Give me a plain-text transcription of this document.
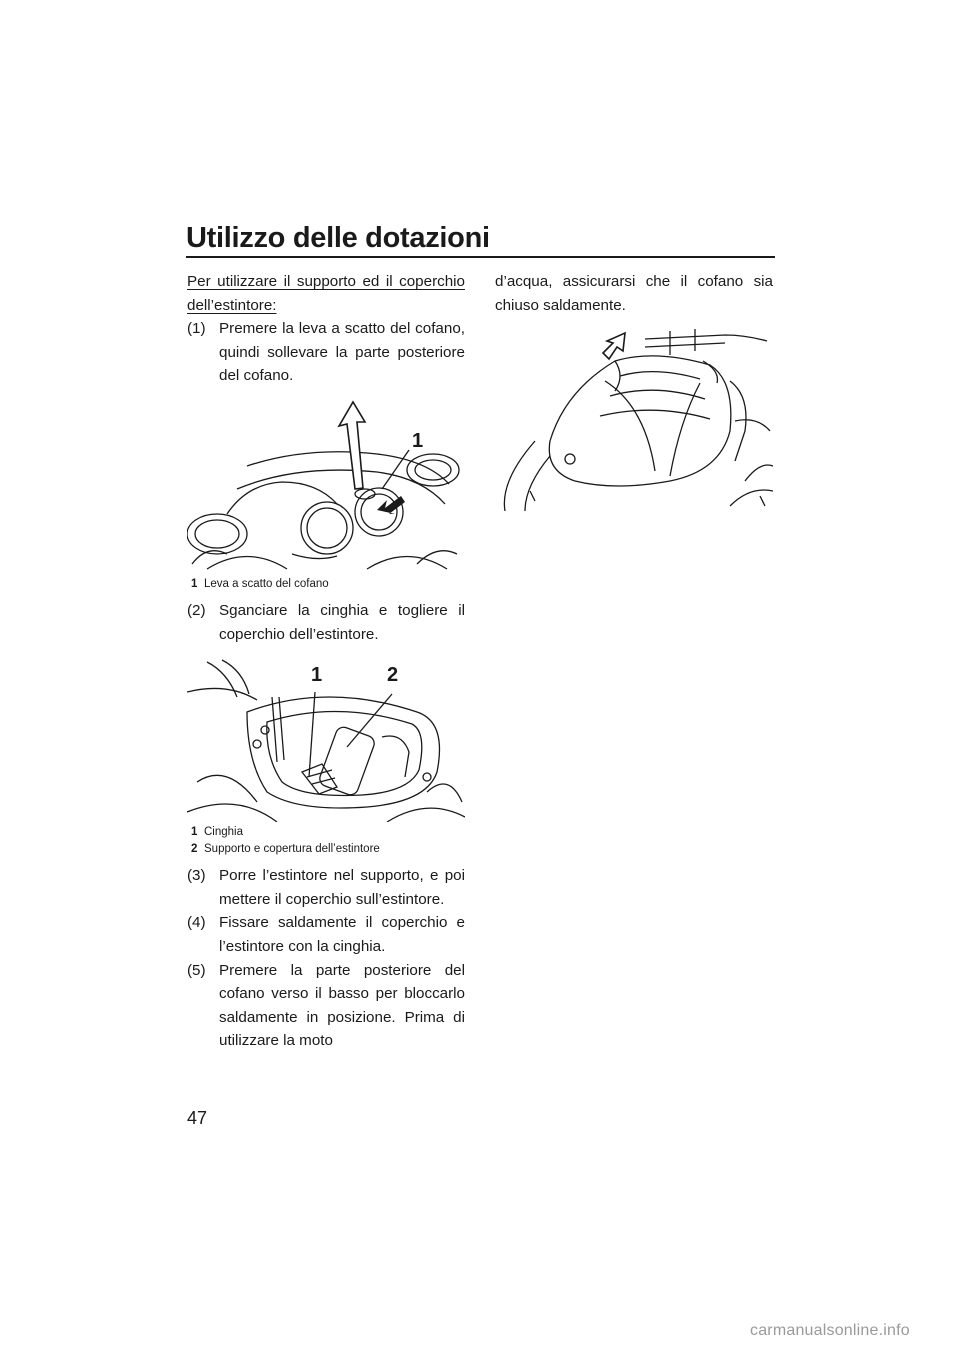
Utilizzo delle dotazioni

Per utilizzare il supporto ed il coperchio dell’estintore:

(1) Premere la leva a scatto del cofano, quindi sollevare la parte posteriore del cofano.
1
1 Leva a scatto del cofano
(2) Sganciare la cinghia e togliere il coperchio dell’estintore.
1	2
1 Cinghia
2 Supporto e copertura dell’estintore
(3) Porre l’estintore nel supporto, e poi mettere il coperchio sull’estintore.
(4) Fissare saldamente il coperchio e l’estintore con la cinghia.
(5) Premere la parte posteriore del cofano verso il basso per bloccarlo saldamente in posizione. Prima di utilizzare la moto

d’acqua, assicurarsi che il cofano sia chiuso saldamente.

47
carmanualsonline.info
